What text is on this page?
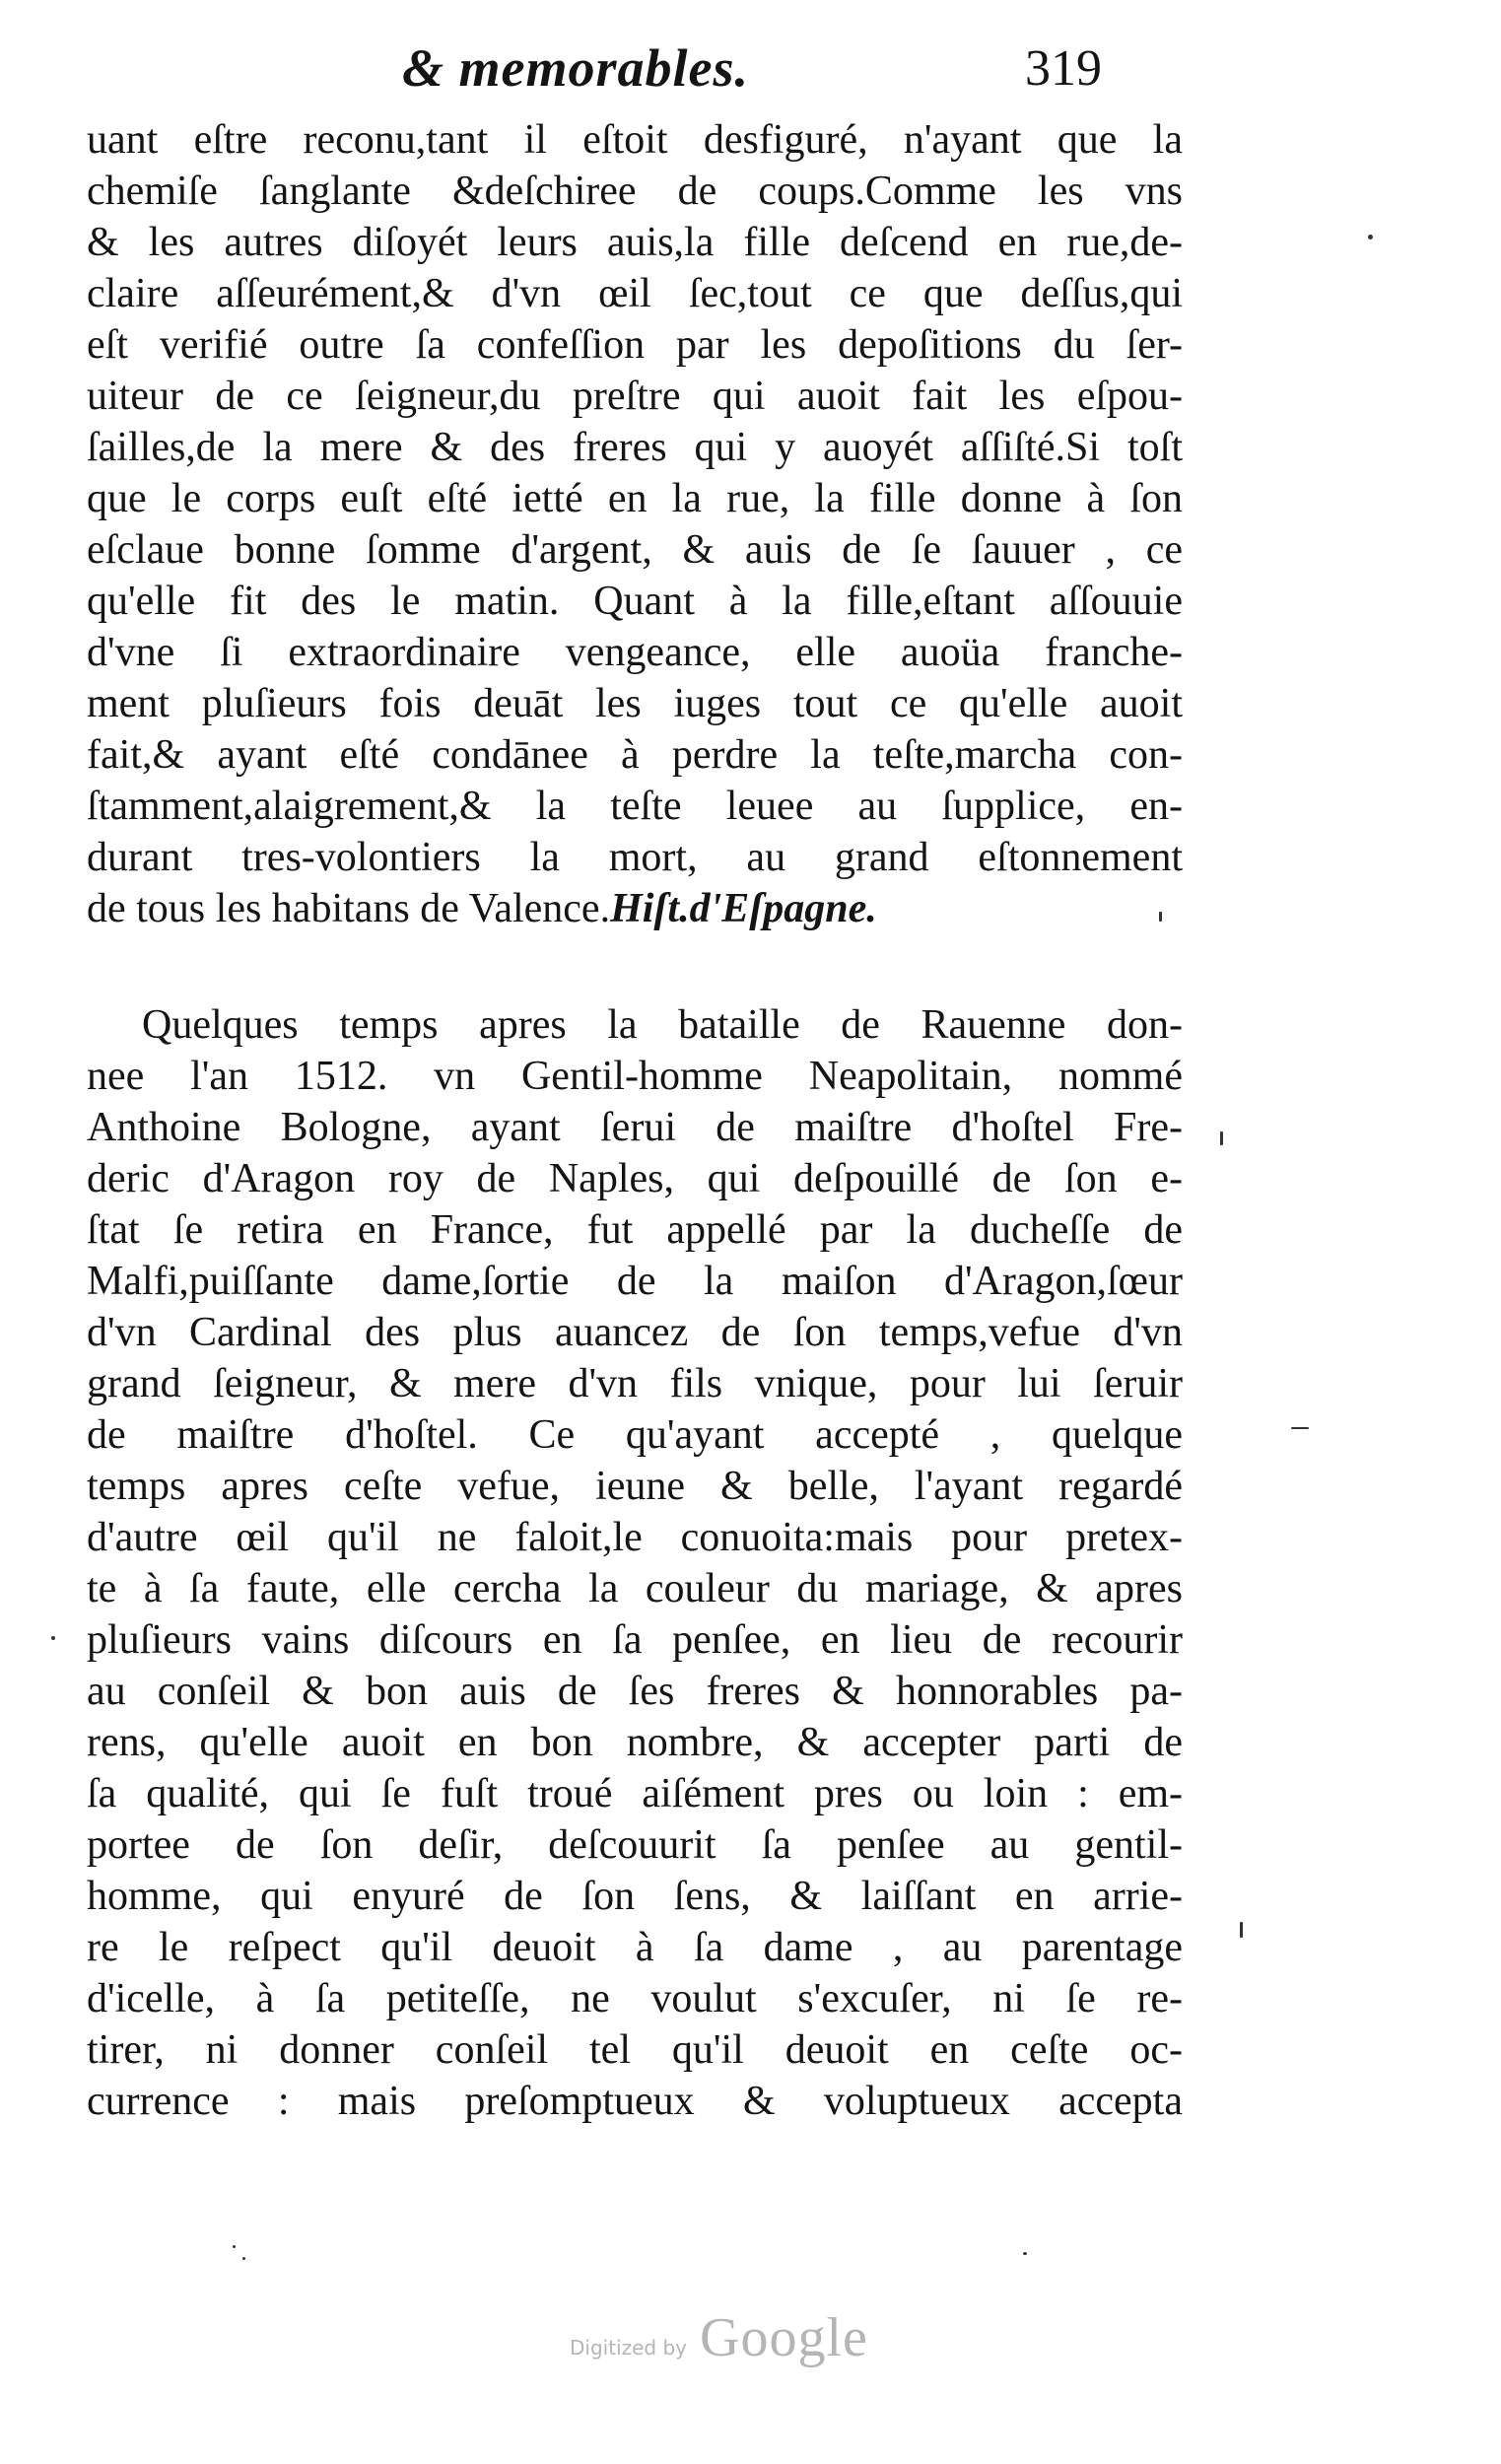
& memorables.	319
uant eſtre reconu,tant il eſtoit desfiguré, n'ayant que la
chemiſe ſanglante &deſchiree de coups.Comme les vns
& les autres diſoyét leurs auis,la fille deſcend en rue,de-
claire aſſeurément,& d'vn œil ſec,tout ce que deſſus,qui
eſt verifié outre ſa confeſſion par les depoſitions du ſer-
uiteur de ce ſeigneur,du preſtre qui auoit fait les eſpou-
ſailles,de la mere & des freres qui y auoyét aſſiſté.Si toſt
que le corps euſt eſté ietté en la rue, la fille donne à ſon
eſclaue bonne ſomme d'argent, & auis de ſe ſauuer , ce
qu'elle fit des le matin. Quant à la fille,eſtant aſſouuie
d'vne ſi extraordinaire vengeance, elle auoüa franche-
ment pluſieurs fois deuāt les iuges tout ce qu'elle auoit
fait,& ayant eſté condānee à perdre la teſte,marcha con-
ſtamment,alaigrement,& la teſte leuee au ſupplice, en-
durant tres-volontiers la mort, au grand eſtonnement
de tous les habitans de Valence.Hiſt.d'Eſpagne.
Quelques temps apres la bataille de Rauenne don-
nee l'an 1512. vn Gentil-homme Neapolitain, nommé
Anthoine Bologne, ayant ſerui de maiſtre d'hoſtel Fre-
deric d'Aragon roy de Naples, qui deſpouillé de ſon e-
ſtat ſe retira en France, fut appellé par la ducheſſe de
Malfi,puiſſante dame,ſortie de la maiſon d'Aragon,ſœur
d'vn Cardinal des plus auancez de ſon temps,vefue d'vn
grand ſeigneur, & mere d'vn fils vnique, pour lui ſeruir
de maiſtre d'hoſtel. Ce qu'ayant accepté , quelque
temps apres ceſte vefue, ieune & belle, l'ayant regardé
d'autre œil qu'il ne faloit,le conuoita:mais pour pretex-
te à ſa faute, elle cercha la couleur du mariage, & apres
pluſieurs vains diſcours en ſa penſee, en lieu de recourir
au conſeil & bon auis de ſes freres & honnorables pa-
rens, qu'elle auoit en bon nombre, & accepter parti de
ſa qualité, qui ſe fuſt troué aiſément pres ou loin : em-
portee de ſon deſir, deſcouurit ſa penſee au gentil-
homme, qui enyuré de ſon ſens, & laiſſant en arrie-
re le reſpect qu'il deuoit à ſa dame , au parentage
d'icelle, à ſa petiteſſe, ne voulut s'excuſer, ni ſe re-
tirer, ni donner conſeil tel qu'il deuoit en ceſte oc-
currence : mais preſomptueux & voluptueux accepta
Digitized by Google
